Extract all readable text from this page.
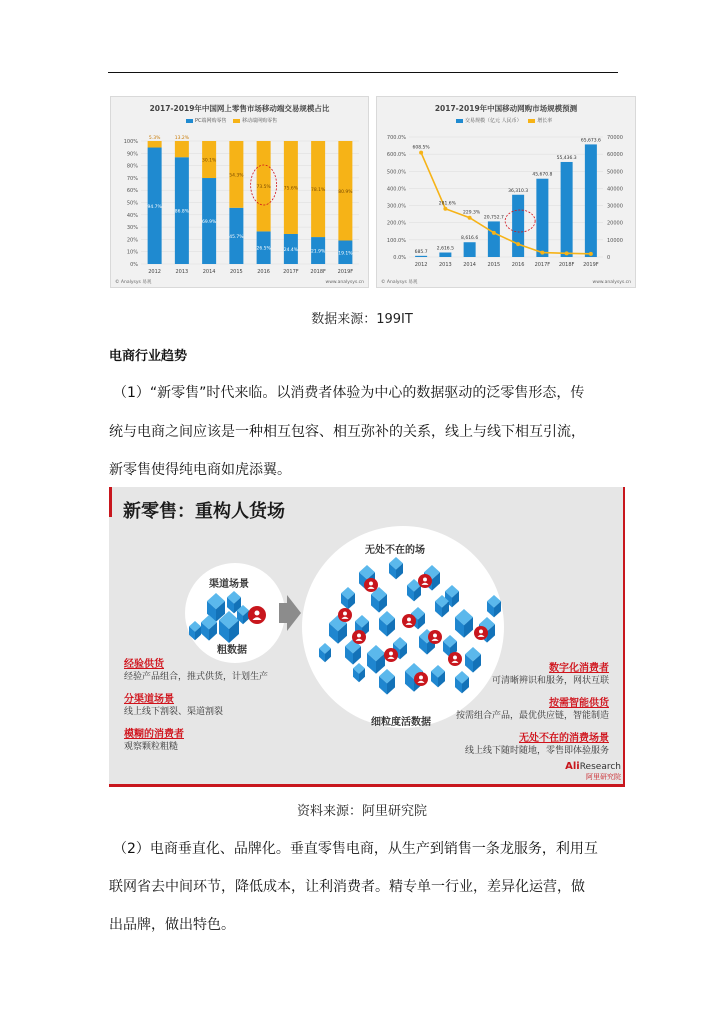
2017-2019年中国网上零售市场移动端交易规模占比
PC端网购零售	移动端网购零售
0%
10%
20%
30%
40%
50%
60%
70%
80%
90%
100%
94.7%
5.3%
2012
86.8%
13.2%
2013
69.9%
30.1%
2014
45.7%
54.3%
2015
26.5%
73.5%
2016
24.4%
75.6%
2017F
21.9%
78.1%
2018F
19.1%
80.9%
2019F
© Analysys 易观	www.analysys.cn
2017-2019年中国移动网购市场规模预测
交易规模（亿元 人民币）	增长率
0.0%
100.0%
200.0%
300.0%
400.0%
500.0%
600.0%
700.0%
0
10000
20000
30000
40000
50000
60000
70000
685.7
2012
2,616.5
2013
8,616.6
2014
20,752.7
2015
36,310.3
2016
45,670.8
2017F
55,436.3
2018F
65,673.6
2019F
608.5%
281.6%
229.3%
© Analysys 易观	www.analysys.cn
数据来源：199IT
电商行业趋势
（1）“新零售”时代来临。以消费者体验为中心的数据驱动的泛零售形态，传
统与电商之间应该是一种相互包容、相互弥补的关系，线上与线下相互引流，
新零售使得纯电商如虎添翼。
新零售：重构人货场
渠道场景
粗数据
无处不在的场
细粒度活数据
经验供货
经验产品组合，推式供货，计划生产
分渠道场景
线上线下割裂、渠道割裂
模糊的消费者
观察颗粒粗糙
数字化消费者
可清晰辨识和服务，网状互联
按需智能供货
按需组合产品，最优供应链，智能制造
无处不在的消费场景
线上线下随时随地，零售即体验服务
AliResearch
阿里研究院
资料来源：阿里研究院
（2）电商垂直化、品牌化。垂直零售电商，从生产到销售一条龙服务，利用互
联网省去中间环节，降低成本，让利消费者。精专单一行业，差异化运营，做
出品牌，做出特色。
